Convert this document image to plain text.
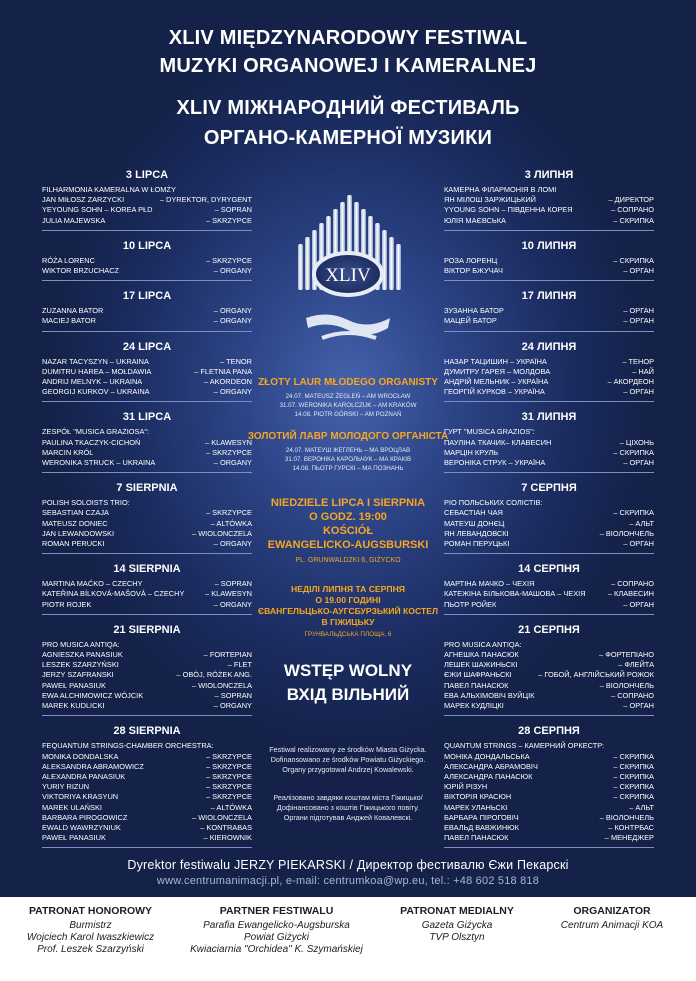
XLIV MIĘDZYNARODOWY FESTIWAL
MUZYKI ORGANOWEJ I KAMERALNEJ
XLIV МІЖНАРОДНИЙ ФЕСТИВАЛЬ
ОРГАНО-КАМЕРНОЇ МУЗИКИ
3 LIPCA
FILHARMONIA KAMERALNA W ŁOMŻY
JAN MIŁOSZ ZARZYCKI	– DYREKTOR, DYRYGENT
YEYOUNG SOHN – KOREA PŁD	– SOPRAN
JULIA MAJEWSKA	– SKRZYPCE
10 LIPCA
RÓŻA LORENC	– SKRZYPCE
WIKTOR BRZUCHACZ	– ORGANY
17 LIPCA
ZUZANNA BATOR	– ORGANY
MACIEJ BATOR	– ORGANY
24 LIPCA
NAZAR TACYSZYN – UKRAINA	– TENOR
DUMITRU HAREA – MOŁDAWIA	– FLETNIA PANA
ANDRIJ MELNYK – UKRAINA	– AKORDEON
GEORGIJ KURKOV – UKRAINA	– ORGANY
31 LIPCA
ZESPÓŁ "MUSICA GRAZIOSA":
PAULINA TKACZYK-CICHOŃ	– KLAWESYN
MARCIN KRÓL	– SKRZYPCE
WERONIKA STRUCK – UKRAINA	– ORGANY
7 SIERPNIA
POLISH SOLOISTS TRIO:
SEBASTIAN CZAJA	– SKRZYPCE
MATEUSZ DONIEC	– ALTÓWKA
JAN LEWANDOWSKI	– WIOLONCZELA
ROMAN PERUCKI	– ORGANY
14 SIERPNIA
MARTINA MAĆKO – CZECHY	– SOPRAN
KATEŘINA BÍLKOVÁ-MAŠOVÁ – CZECHY	– KLAWESYN
PIOTR ROJEK	– ORGANY
21 SIERPNIA
PRO MUSICA ANTIQA:
AGNIESZKA PANASIUK	– FORTEPIAN
LESZEK SZARZYŃSKI	– FLET
JERZY SZAFRANSKI	– OBÓJ, RÓŻEK ANG.
PAWEŁ PANASIUK	– WIOLONCZELA
EWA ALCHIMOWICZ WÓJCIK	– SOPRAN
MAREK KUDLICKI	– ORGANY
28 SIERPNIA
FEQUANTUM STRINGS-CHAMBER ORCHESTRA:
MONIKA DONDALSKA	– SKRZYPCE
ALEKSANDRA ABRAMOWICZ	– SKRZYPCE
ALEXANDRA PANASIUK	– SKRZYPCE
YURIY RIZUN	– SKRZYPCE
VIKTORIYA KRASYUN	– SKRZYPCE
MAREK ULAŃSKI	– ALTÓWKA
BARBARA PIROGOWICZ	– WIOLONCZELA
EWALD WAWRZYNIUK	– KONTRABAS
PAWEŁ PANASIUK	– KIEROWNIK
3 ЛИПНЯ
КАМЕРНА ФІЛАРМОНІЯ В ЛОМІ
ЯН МІЛОШ ЗАРЖИЦЬКИЙ	– ДИРЕКТОР
YYOUNG SOHN – ПІВДЕННА КОРЕЯ	– СОПРАНО
ЮЛІЯ МАЄВСЬКА	– СКРИПКА
10 ЛИПНЯ
РОЗА ЛОРЕНЦ	– СКРИПКА
ВІКТОР БЖУЧАЧ	– ОРГАН
17 ЛИПНЯ
ЗУЗАННА БАТОР	– ОРГАН
МАЦЕЙ БАТОР	– ОРГАН
24 ЛИПНЯ
НАЗАР ТАЦИШИН – УКРАЇНА	– ТЕНОР
ДУМИТРУ ГАРЕЯ – МОЛДОВА	– НАЙ
АНДРІЙ МЕЛЬНИК – УКРАЇНА	– АКОРДЕОН
ГЕОРГІЙ КУРКОВ – УКРАЇНА	– ОРГАН
31 ЛИПНЯ
ГУРТ "MUSICA GRAZIOS":
ПАУЛІНА ТКАЧИК– КЛАВЕСИН	– ЦІХОНЬ
МАРЦІН КРУЛЬ	– СКРИПКА
ВЕРОНІКА СТРУК – УКРАЇНА	– ОРГАН
7 СЕРПНЯ
РІО ПОЛЬСЬКИХ СОЛІСТІВ:
СЕБАСТІАН ЧАЯ	– СКРИПКА
МАТЕУШ ДОНЄЦ	– АЛЬТ
ЯН ЛЕВАНДОВСКІ	– ВІОЛОНЧЕЛЬ
РОМАН ПЕРУЦЬКІ	– ОРГАН
14 СЕРПНЯ
МАРТІНА МАЧКО – ЧЕХІЯ	– СОПРАНО
КАТЕЖІНА БІЛЬКОВА-МАШОВА – ЧЕХІЯ	– КЛАВЕСИН
ПЬОТР РОЙЕК	– ОРГАН
21 СЕРПНЯ
PRO MUSICA ANTIQA:
АГНЕШКА ПАНАСЮК	– ФОРТЕПІАНО
ЛЕШЕК ШАЖИНЬСКІ	– ФЛЕЙТА
ЄЖИ ШАФРАНЬСКІ	– ГОБОЙ, АНГЛІЙСЬКИЙ РОЖОК
ПАВЕЛ ПАНАСЮК	– ВІОЛОНЧЕЛЬ
ЕВА АЛЬХІМОВІЧ ВУЙЦІК	– СОПРАНО
МАРЕК КУДЛІЦКІ	– ОРГАН
28 СЕРПНЯ
QUANTUM STRINGS – КАМЕРНИЙ ОРКЕСТР:
МОНІКА ДОНДАЛЬСЬКА	– СКРИПКА
АЛЕКСАНДРА АБРАМОВІЧ	– СКРИПКА
АЛЕКСАНДРА ПАНАСЮК	– СКРИПКА
ЮРІЙ РІЗУН	– СКРИПКА
ВІКТОРІЯ КРАСЮН	– СКРИПКА
МАРЕК УЛАНЬСКІ	– АЛЬТ
БАРБАРА ПІРОГОВІЧ	– ВІОЛОНЧЕЛЬ
ЕВАЛЬД ВАВЖИНЮК	– КОНТРБАС
ПАВЕЛ ПАНАСЮК	– МЕНЕДЖЕР
XLIV
ZŁOTY LAUR MŁODEGO ORGANISTY
24.07. MATEUSZ ŻEGLEŃ – AM WROCŁAW
31.07. WERONIKA KAROLCZUK – AM KRAKÓW
14.08. PIOTR GÓRSKI – AM POZNAŃ
ЗОЛОТИЙ ЛАВР МОЛОДОГО ОРГАНІСТА
24.07. МАТЕУШ ЖЕГЛЕНЬ – МА ВРОЦЛАВ
31.07. ВЕРОНІКА КАРОЛЬЧУК – МА КРАКІВ
14.08. ПЬОТР ГУРСКІ – МА ПОЗНАНЬ
NIEDZIELE LIPCA I SIERPNIA
O GODZ. 19:00
KOŚCIÓŁ
EWANGELICKO-AUGSBURSKI
PL. GRUNWALDZKI 6, GIŻYCKO
НЕДІЛІ ЛИПНЯ ТА СЕРПНЯ
О 19.00 ГОДИНІ
ЄВАНГЕЛЬЦЬКО-АУГСБУРЗЬКИЙ КОСТЕЛ
В ГІЖИЦЬКУ
ГРУНВАЛЬДСЬКА ПЛОЩА, 6
WSTĘP WOLNY
ВХІД ВІЛЬНИЙ
Festiwal realizowany ze środków Miasta Giżycka.
Dofinansowano ze środków Powiatu Giżyckiego.
Organy przygotował Andrzej Kowalewski.
Реалізовано завдяки коштам міста Гіжицько/
Дофінансовано з коштів Гіжицького повіту.
Органи підготував Анджей Ковалевскі.
Dyrektor festiwalu JERZY PIEKARSKI / Директор фестивалю Єжи Пекарскі
www.centrumanimacji.pl, e-mail: centrumkoa@wp.eu, tel.: +48 602 518 818
PATRONAT HONOROWY
Burmistrz
Wojciech Karol Iwaszkiewicz
Prof. Leszek Szarzyński
PARTNER FESTIWALU
Parafia Ewangelicko-Augsburska
Powiat Giżycki
Kwiaciarnia "Orchidea" K. Szymańskiej
PATRONAT MEDIALNY
Gazeta Giżycka
TVP Olsztyn
ORGANIZATOR
Centrum Animacji KOA
